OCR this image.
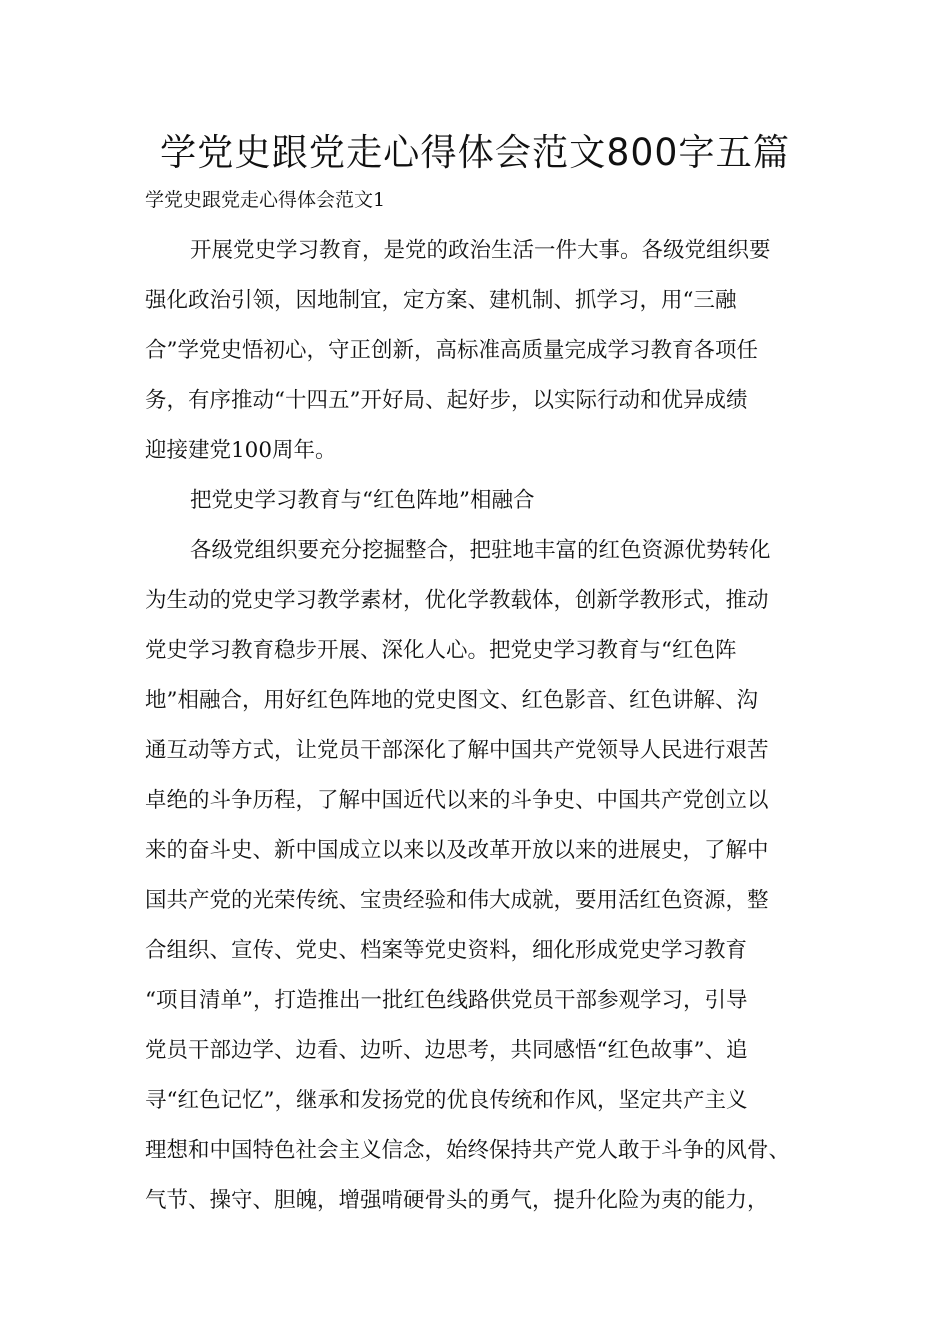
学党史跟党走心得体会范文800字五篇
学党史跟党走心得体会范文1
开展党史学习教育，是党的政治生活一件大事。各级党组织要
强化政治引领，因地制宜，定方案、建机制、抓学习，用“三融
合”学党史悟初心，守正创新，高标准高质量完成学习教育各项任
务，有序推动“十四五”开好局、起好步，以实际行动和优异成绩
迎接建党100周年。
把党史学习教育与“红色阵地”相融合
各级党组织要充分挖掘整合，把驻地丰富的红色资源优势转化
为生动的党史学习教学素材，优化学教载体，创新学教形式，推动
党史学习教育稳步开展、深化人心。把党史学习教育与“红色阵
地”相融合，用好红色阵地的党史图文、红色影音、红色讲解、沟
通互动等方式，让党员干部深化了解中国共产党领导人民进行艰苦
卓绝的斗争历程，了解中国近代以来的斗争史、中国共产党创立以
来的奋斗史、新中国成立以来以及改革开放以来的进展史，了解中
国共产党的光荣传统、宝贵经验和伟大成就，要用活红色资源，整
合组织、宣传、党史、档案等党史资料，细化形成党史学习教育
“项目清单”，打造推出一批红色线路供党员干部参观学习，引导
党员干部边学、边看、边听、边思考，共同感悟“红色故事”、追
寻“红色记忆”，继承和发扬党的优良传统和作风，坚定共产主义
理想和中国特色社会主义信念，始终保持共产党人敢于斗争的风骨、
气节、操守、胆魄，增强啃硬骨头的勇气，提升化险为夷的能力，
